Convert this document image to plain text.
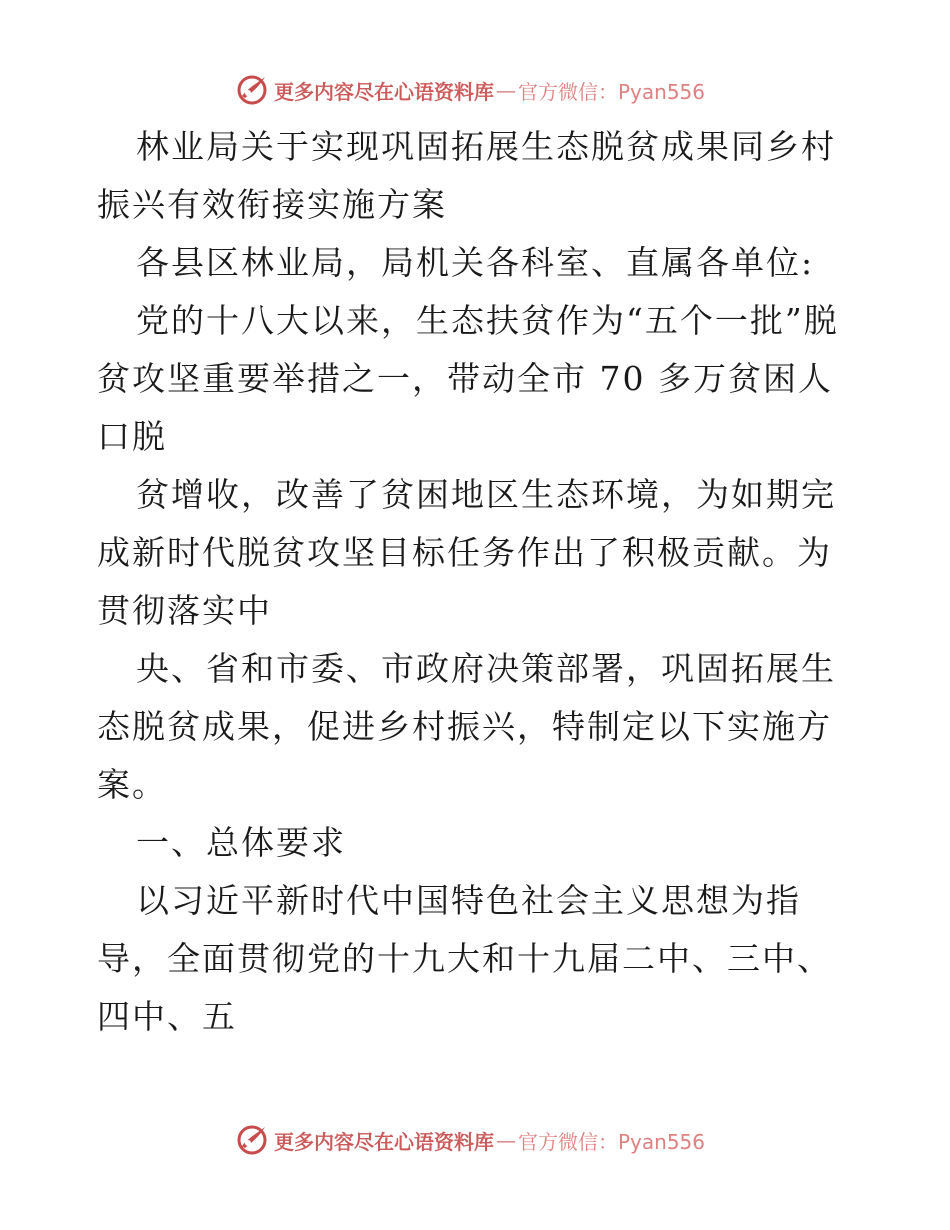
更多内容尽在心语资料库 — 官方微信：Pyan556

林业局关于实现巩固拓展生态脱贫成果同乡村振兴有效衔接实施方案

各县区林业局，局机关各科室、直属各单位:

党的十八大以来，生态扶贫作为“五个一批”脱贫攻坚重要举措之一，带动全市 70 多万贫困人口脱

贫增收，改善了贫困地区生态环境，为如期完成新时代脱贫攻坚目标任务作出了积极贡献。为贯彻落实中

央、省和市委、市政府决策部署，巩固拓展生态脱贫成果，促进乡村振兴，特制定以下实施方案。

一、总体要求

以习近平新时代中国特色社会主义思想为指导，全面贯彻党的十九大和十九届二中、三中、四中、五

更多内容尽在心语资料库 — 官方微信：Pyan556
